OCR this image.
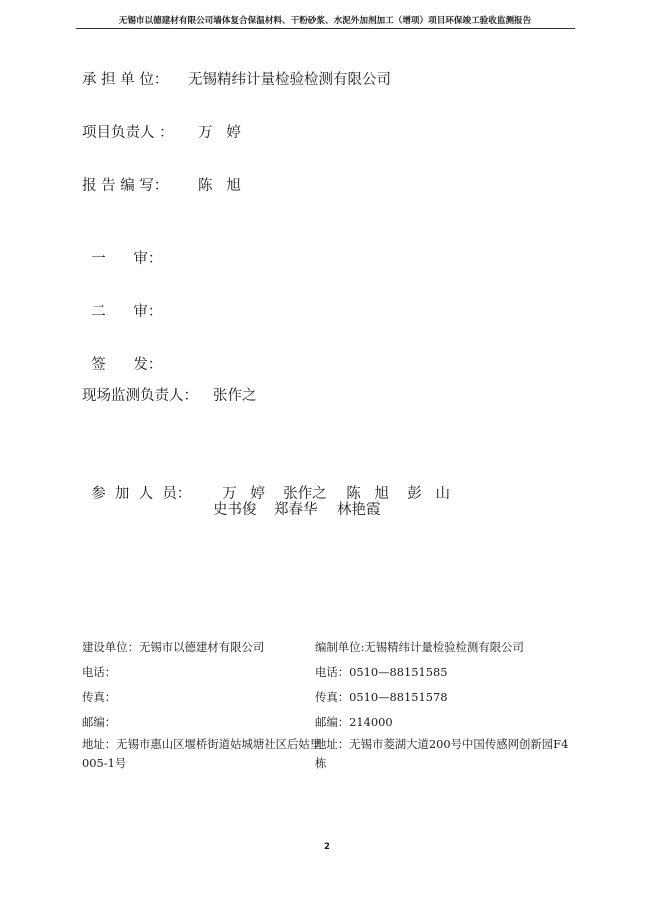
无锡市以德建材有限公司墙体复合保温材料、干粉砂浆、水泥外加剂加工（增项）项目环保竣工验收监测报告
承 担 单 位： 无锡精纬计量检验检测有限公司
项目负责人 ： 万   婷
报 告 编 写： 陈   旭

一      审：

二      审：

签      发：

现场监测负责人： 张作之

参  加  人  员： 万   婷 张作之 陈   旭 彭   山

史书俊 郑春华 林艳霞
建设单位：无锡市以德建材有限公司
电话：
传真：
邮编：
地址：无锡市惠山区堰桥街道姑城塘社区后姑里005-1号
编制单位:无锡精纬计量检验检测有限公司
电话：0510—88151585
传真：0510—88151578
邮编：214000
地址：无锡市菱湖大道200号中国传感网创新园F4栋
2
